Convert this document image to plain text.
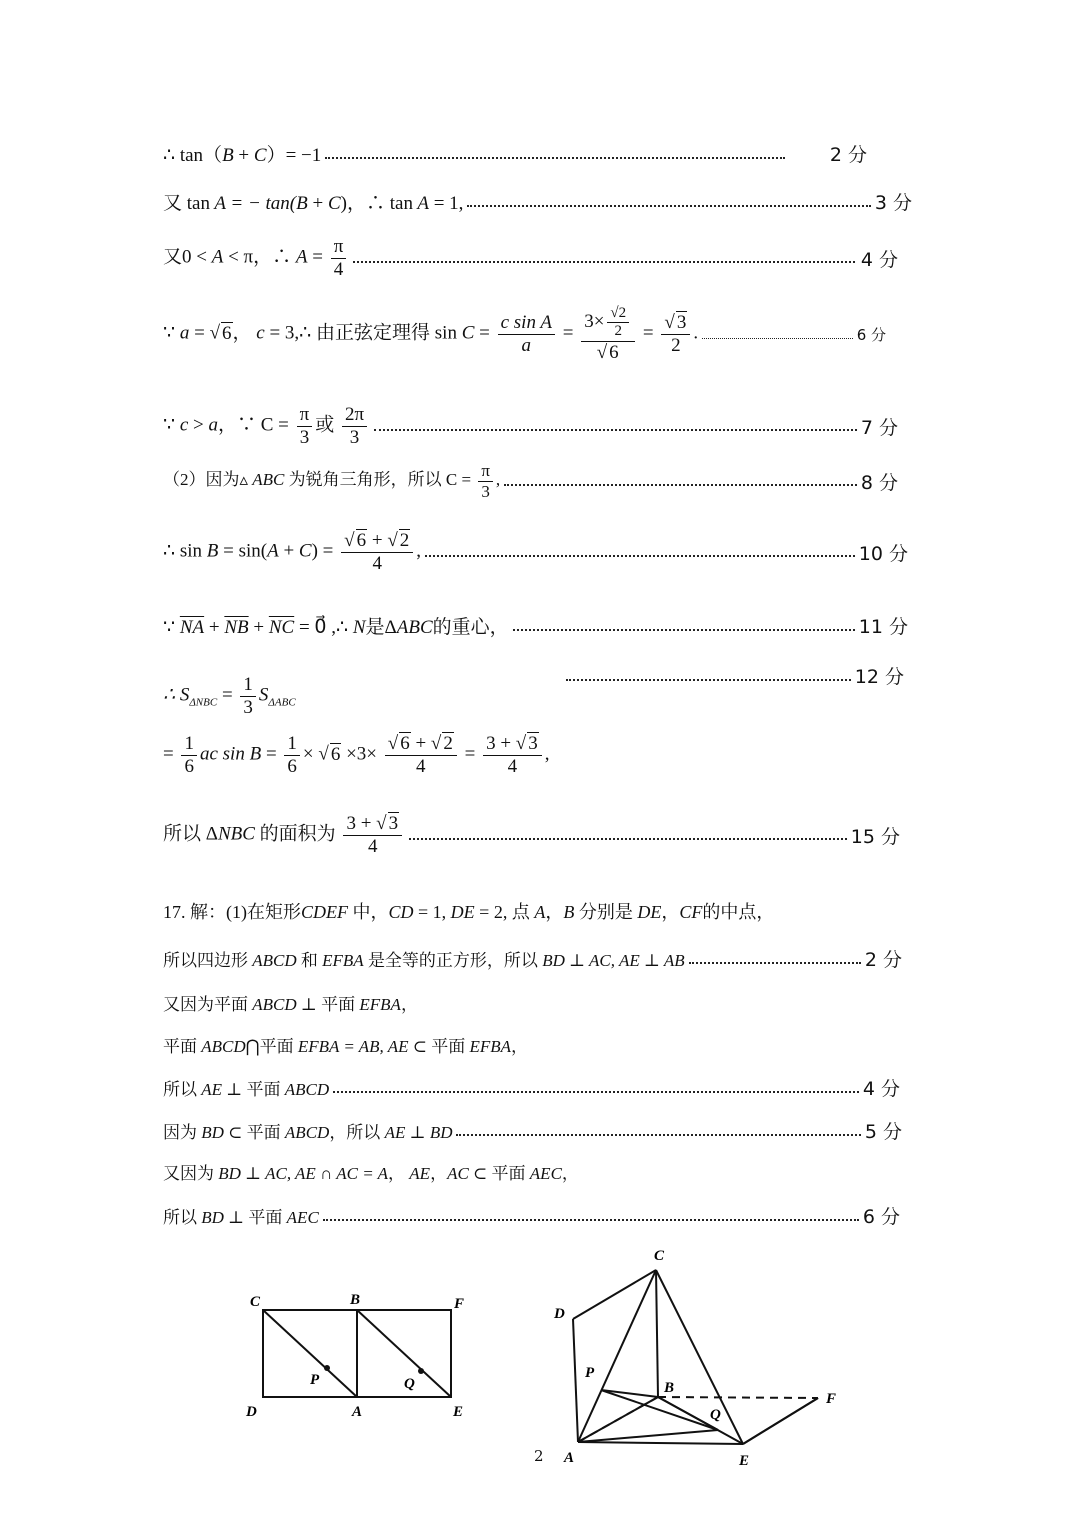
∴ tan（B + C）= −1	2 分
又 tan A = − tan(B + C)，∴ tan A = 1,	3 分
又0 < A < π，∴ $A = \frac{\pi}{4}$	4 分
∵ a = √ 6， c = 3,∴ 由正弦定理得 $\sin C = \frac{\text{c sin A}}{a} = \frac{3\times \frac{√2}{2}}{√ 6} = \frac{√ 3}{2}$ .	6 分
∵ c > a，∵ $C = \frac{\pi}{3}$ 或 $\frac{2\pi}{3}$	7 分
（2）因为▵ ABC 为锐角三角形，所以 $C = \frac{\pi}{3}$ ,	8 分
∴ $\sin B = \sin(A + C) = \frac{√ 6 + √ 2}{4}$ ,	10 分
∵ $\overline{NA} + \overline{NB} + \overline{NC}$ = 0⃗ ,∴ N是ΔABC的重心，	11 分
12 分
∴ $S_{\Delta NBC} = \frac{1}{3} S_{\Delta ABC}$
= $\frac{1}{6}$ ac $\sin B = \frac{1}{6}$ × √ $6 \times 3\times \frac{√ 6 + √ 2}{4} = \frac{3 + √ 3}{4}$ ,
所以 ΔNBC 的面积为 $\frac{3 + √ 3}{4}$	15 分
17. 解：(1)在矩形CDEF 中，CD = 1, DE = 2, 点 A，B 分别是 DE，CF的中点，
所以四边形 ABCD 和 EFBA 是全等的正方形，所以 BD ⊥ AC, AE ⊥ AB	2 分
又因为平面 ABCD ⊥ 平面 EFBA，
平面 ABCD⋂平面 EFBA = AB, AE ⊂ 平面 EFBA，
所以 AE ⊥ 平面 ABCD	4 分
因为 BD ⊂ 平面 ABCD，所以 AE ⊥ BD	5 分
又因为 BD ⊥ AC, AE ∩ AC = A， AE，AC ⊂ 平面 AEC，
所以 BD ⊥ 平面 AEC	6 分
C	B	F
D	A	E
P	Q
C
D
P
B
F
Q
A	E
2
